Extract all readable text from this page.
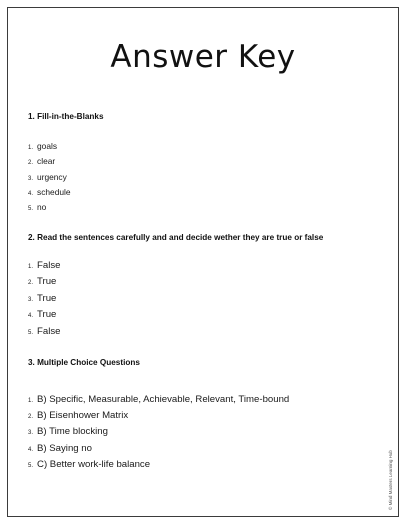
Answer Key
1. Fill-in-the-Blanks
1. goals
2. clear
3. urgency
4. schedule
5. no
2. Read the sentences carefully and and decide wether they are true or false
1. False
2. True
3. True
4. True
5. False
3. Multiple Choice Questions
1. B) Specific, Measurable, Achievable, Relevant, Time-bound
2. B) Eisenhower Matrix
3. B) Time blocking
4. B) Saying no
5. C) Better work-life balance	© Mind Masters Learning Hub
